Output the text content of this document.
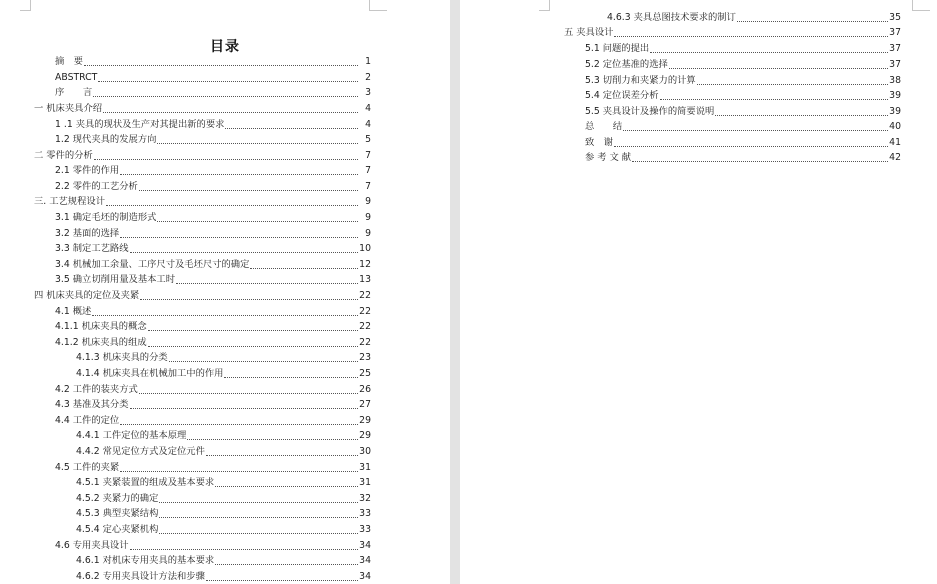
目录
摘　要	1
ABSTRCT	2
序　　言	3
一 机床夹具介绍	4
1 .1 夹具的现状及生产对其提出新的要求	4
1.2 现代夹具的发展方向	5
二 零件的分析	7
2.1 零件的作用	7
2.2 零件的工艺分析	7
三. 工艺规程设计	9
3.1 确定毛坯的制造形式	9
3.2 基面的选择	9
3.3 制定工艺路线	10
3.4 机械加工余量、工序尺寸及毛坯尺寸的确定	12
3.5 确立切削用量及基本工时	13
四 机床夹具的定位及夹紧	22
4.1 概述	22
4.1.1 机床夹具的概念	22
4.1.2 机床夹具的组成	22
4.1.3 机床夹具的分类	23
4.1.4 机床夹具在机械加工中的作用	25
4.2 工件的装夹方式	26
4.3 基准及其分类	27
4.4 工件的定位	29
4.4.1 工件定位的基本原理	29
4.4.2 常见定位方式及定位元件	30
4.5 工件的夹紧	31
4.5.1 夹紧装置的组成及基本要求	31
4.5.2 夹紧力的确定	32
4.5.3 典型夹紧结构	33
4.5.4 定心夹紧机构	33
4.6 专用夹具设计	34
4.6.1 对机床专用夹具的基本要求	34
4.6.2 专用夹具设计方法和步骤	34
4.6.3 夹具总图技术要求的制订	35
五 夹具设计	37
5.1 问题的提出	37
5.2 定位基准的选择	37
5.3 切削力和夹紧力的计算	38
5.4 定位误差分析	39
5.5 夹具设计及操作的简要说明	39
总　　结	40
致　谢	41
参 考 文 献	42
